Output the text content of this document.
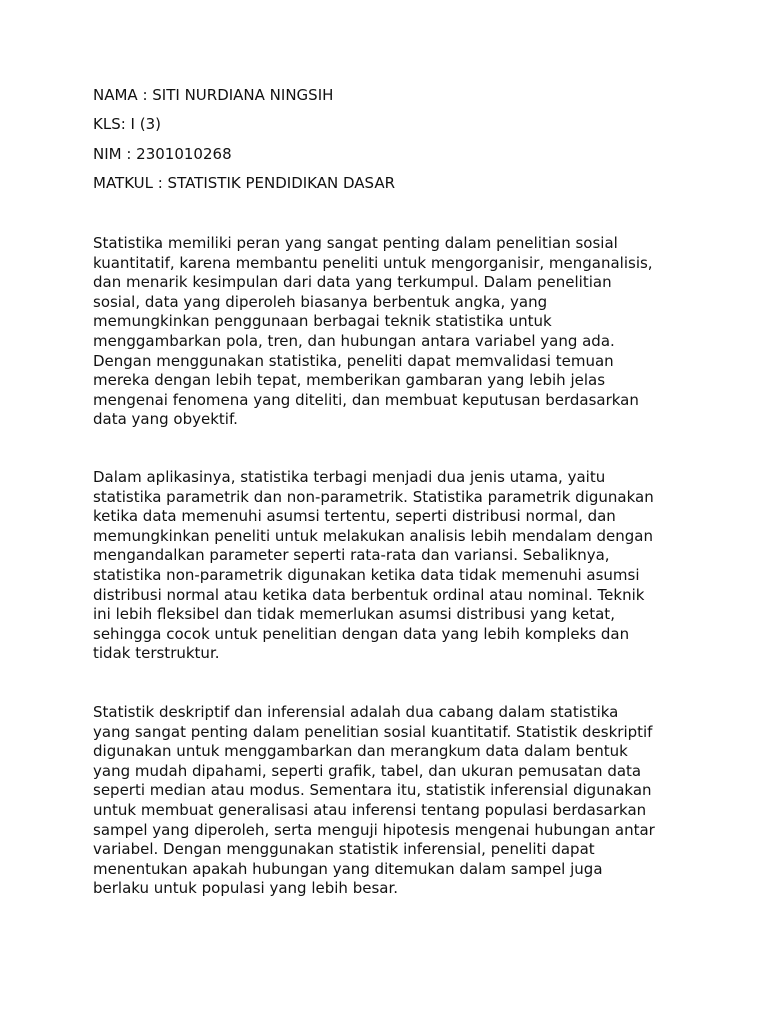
NAMA : SITI NURDIANA NINGSIH
KLS: I (3)
NIM : 2301010268
MATKUL : STATISTIK PENDIDIKAN DASAR

Statistika memiliki peran yang sangat penting dalam penelitian sosial
kuantitatif, karena membantu peneliti untuk mengorganisir, menganalisis,
dan menarik kesimpulan dari data yang terkumpul. Dalam penelitian
sosial, data yang diperoleh biasanya berbentuk angka, yang
memungkinkan penggunaan berbagai teknik statistika untuk
menggambarkan pola, tren, dan hubungan antara variabel yang ada.
Dengan menggunakan statistika, peneliti dapat memvalidasi temuan
mereka dengan lebih tepat, memberikan gambaran yang lebih jelas
mengenai fenomena yang diteliti, dan membuat keputusan berdasarkan
data yang obyektif.

Dalam aplikasinya, statistika terbagi menjadi dua jenis utama, yaitu
statistika parametrik dan non-parametrik. Statistika parametrik digunakan
ketika data memenuhi asumsi tertentu, seperti distribusi normal, dan
memungkinkan peneliti untuk melakukan analisis lebih mendalam dengan
mengandalkan parameter seperti rata-rata dan variansi. Sebaliknya,
statistika non-parametrik digunakan ketika data tidak memenuhi asumsi
distribusi normal atau ketika data berbentuk ordinal atau nominal. Teknik
ini lebih fleksibel dan tidak memerlukan asumsi distribusi yang ketat,
sehingga cocok untuk penelitian dengan data yang lebih kompleks dan
tidak terstruktur.

Statistik deskriptif dan inferensial adalah dua cabang dalam statistika
yang sangat penting dalam penelitian sosial kuantitatif. Statistik deskriptif
digunakan untuk menggambarkan dan merangkum data dalam bentuk
yang mudah dipahami, seperti grafik, tabel, dan ukuran pemusatan data
seperti median atau modus. Sementara itu, statistik inferensial digunakan
untuk membuat generalisasi atau inferensi tentang populasi berdasarkan
sampel yang diperoleh, serta menguji hipotesis mengenai hubungan antar
variabel. Dengan menggunakan statistik inferensial, peneliti dapat
menentukan apakah hubungan yang ditemukan dalam sampel juga
berlaku untuk populasi yang lebih besar.
